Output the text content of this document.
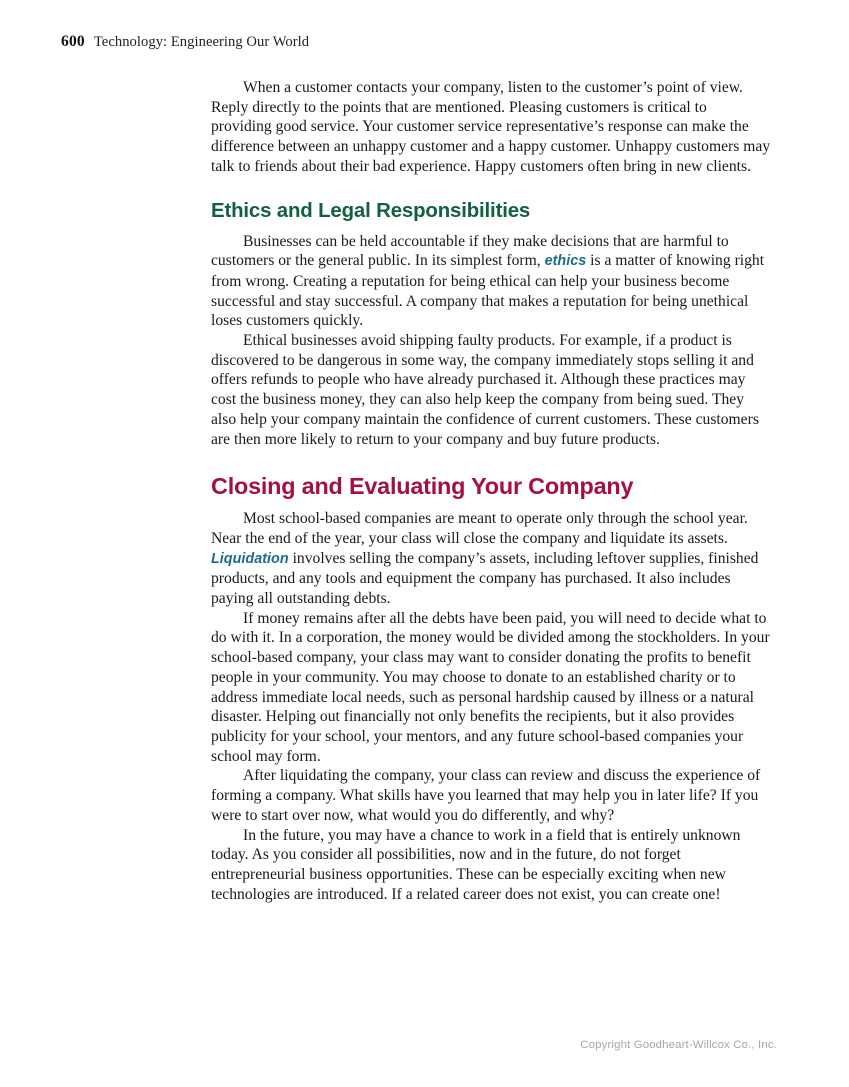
600 Technology: Engineering Our World

When a customer contacts your company, listen to the customer’s point of view. Reply directly to the points that are mentioned. Pleasing customers is critical to providing good service. Your customer service representative’s response can make the difference between an unhappy customer and a happy customer. Unhappy customers may talk to friends about their bad experience. Happy customers often bring in new clients.

Ethics and Legal Responsibilities

Businesses can be held accountable if they make decisions that are harmful to customers or the general public. In its simplest form, ethics is a matter of knowing right from wrong. Creating a reputation for being ethical can help your business become successful and stay successful. A company that makes a reputation for being unethical loses customers quickly.

Ethical businesses avoid shipping faulty products. For example, if a product is discovered to be dangerous in some way, the company immediately stops selling it and offers refunds to people who have already purchased it. Although these practices may cost the business money, they can also help keep the company from being sued. They also help your company maintain the confidence of current customers. These customers are then more likely to return to your company and buy future products.

Closing and Evaluating Your Company

Most school-based companies are meant to operate only through the school year. Near the end of the year, your class will close the company and liquidate its assets. Liquidation involves selling the company’s assets, including leftover supplies, finished products, and any tools and equipment the company has purchased. It also includes paying all outstanding debts.

If money remains after all the debts have been paid, you will need to decide what to do with it. In a corporation, the money would be divided among the stockholders. In your school-based company, your class may want to consider donating the profits to benefit people in your community. You may choose to donate to an established charity or to address immediate local needs, such as personal hardship caused by illness or a natural disaster. Helping out financially not only benefits the recipients, but it also provides publicity for your school, your mentors, and any future school-based companies your school may form.

After liquidating the company, your class can review and discuss the experience of forming a company. What skills have you learned that may help you in later life? If you were to start over now, what would you do differently, and why?

In the future, you may have a chance to work in a field that is entirely unknown today. As you consider all possibilities, now and in the future, do not forget entrepreneurial business opportunities. These can be especially exciting when new technologies are introduced. If a related career does not exist, you can create one!

Copyright Goodheart-Willcox Co., Inc.
